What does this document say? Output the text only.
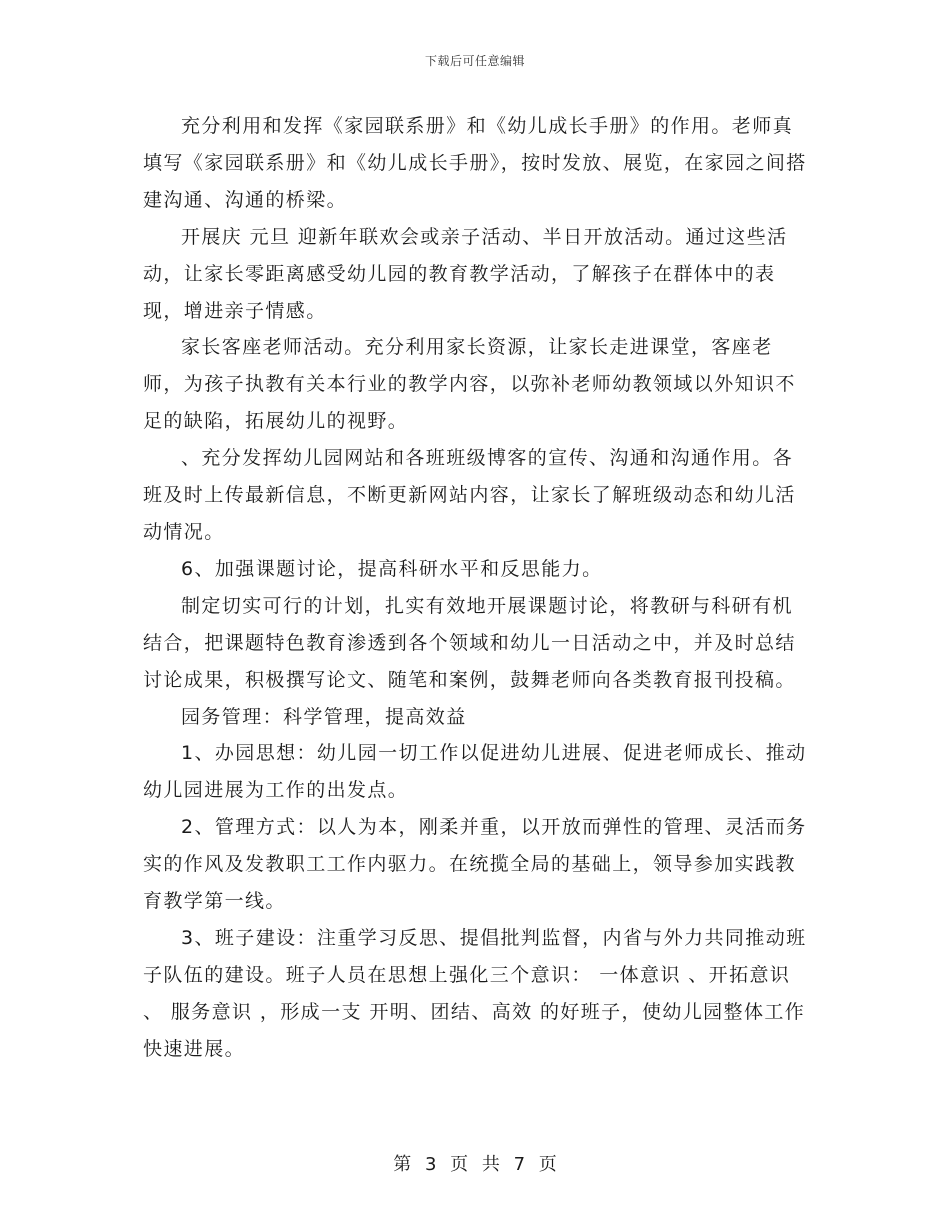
下载后可任意编辑

充分利用和发挥《家园联系册》和《幼儿成长手册》的作用。老师真填写《家园联系册》和《幼儿成长手册》，按时发放、展览，在家园之间搭建沟通、沟通的桥梁。

开展庆 元旦 迎新年联欢会或亲子活动、半日开放活动。通过这些活动，让家长零距离感受幼儿园的教育教学活动，了解孩子在群体中的表现，增进亲子情感。

家长客座老师活动。充分利用家长资源，让家长走进课堂，客座老师，为孩子执教有关本行业的教学内容，以弥补老师幼教领域以外知识不足的缺陷，拓展幼儿的视野。

、充分发挥幼儿园网站和各班班级博客的宣传、沟通和沟通作用。各班及时上传最新信息，不断更新网站内容，让家长了解班级动态和幼儿活动情况。

6、加强课题讨论，提高科研水平和反思能力。

制定切实可行的计划，扎实有效地开展课题讨论，将教研与科研有机结合，把课题特色教育渗透到各个领域和幼儿一日活动之中，并及时总结讨论成果，积极撰写论文、随笔和案例，鼓舞老师向各类教育报刊投稿。

园务管理：科学管理，提高效益

1、办园思想：幼儿园一切工作以促进幼儿进展、促进老师成长、推动幼儿园进展为工作的出发点。

2、管理方式：以人为本，刚柔并重，以开放而弹性的管理、灵活而务实的作风及发教职工工作内驱力。在统揽全局的基础上，领导参加实践教育教学第一线。

3、班子建设：注重学习反思、提倡批判监督，内省与外力共同推动班子队伍的建设。班子人员在思想上强化三个意识： 一体意识 、开拓意识 、 服务意识 ，形成一支 开明、团结、高效 的好班子，使幼儿园整体工作快速进展。

第 3 页 共 7 页
